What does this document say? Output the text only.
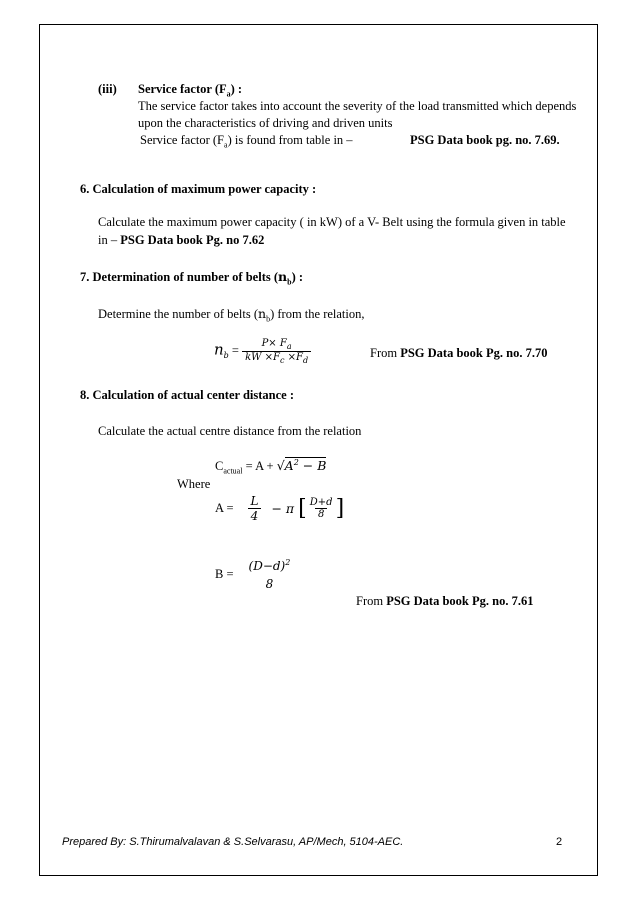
(iii) Service factor $(F_a)$ :
The service factor takes into account the severity of the load transmitted which depends
upon the characteristics of driving and driven units
Service factor $(F_a)$ is found from table in –	PSG Data book pg. no. 7.69.
6. Calculation of maximum power capacity :
Calculate the maximum power capacity ( in kW) of a V- Belt using the formula given in table
in – PSG Data book Pg. no 7.62
7. Determination of number of belts $(n_b)$ :
Determine the number of belts $(n_b)$ from the relation,
$n_b = \frac{P\times F_a}{kW \times F_c \times F_d}$	From PSG Data book Pg. no. 7.70
8. Calculation of actual center distance :
Calculate the actual centre distance from the relation
$C_{actual} = A + √A^2 - B$
Where
$A = \frac{L}{4} - \pi$ [ $\frac{D+d}{8}$ ]
B =
$(D-d)^2$
8
From PSG Data book Pg. no. 7.61
Prepared By: S.Thirumalvalavan & S.Selvarasu, AP/Mech, 5104-AEC.	2
